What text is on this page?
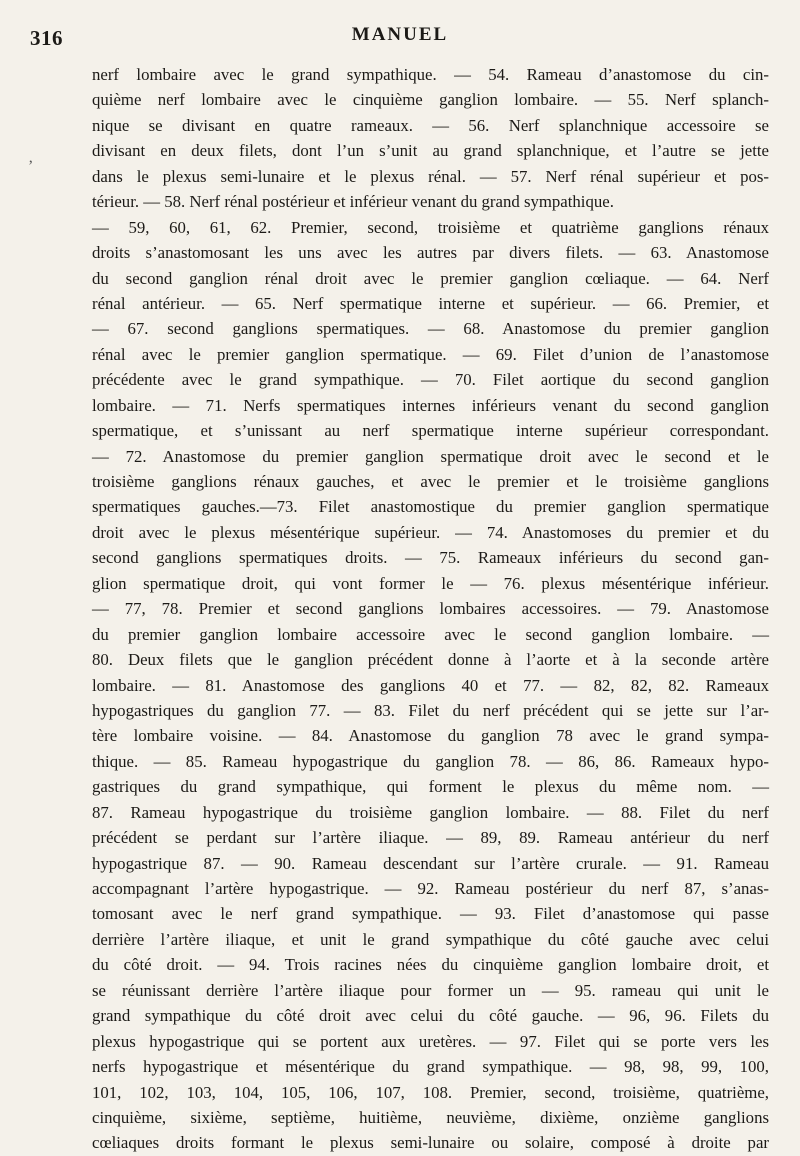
316	MANUEL
’
nerf lombaire avec le grand sympathique. — 54. Rameau d’anastomose du cin-
quième nerf lombaire avec le cinquième ganglion lombaire. — 55. Nerf splanch-
nique se divisant en quatre rameaux. — 56. Nerf splanchnique accessoire se
divisant en deux filets, dont l’un s’unit au grand splanchnique, et l’autre se jette
dans le plexus semi-lunaire et le plexus rénal. — 57. Nerf rénal supérieur et pos-
térieur. — 58. Nerf rénal postérieur et inférieur venant du grand sympathique.
— 59, 60, 61, 62. Premier, second, troisième et quatrième ganglions rénaux
droits s’anastomosant les uns avec les autres par divers filets. — 63. Anastomose
du second ganglion rénal droit avec le premier ganglion cœliaque. — 64. Nerf
rénal antérieur. — 65. Nerf spermatique interne et supérieur. — 66. Premier, et
— 67. second ganglions spermatiques. — 68. Anastomose du premier ganglion
rénal avec le premier ganglion spermatique. — 69. Filet d’union de l’anastomose
précédente avec le grand sympathique. — 70. Filet aortique du second ganglion
lombaire. — 71. Nerfs spermatiques internes inférieurs venant du second ganglion
spermatique, et s’unissant au nerf spermatique interne supérieur correspondant.
— 72. Anastomose du premier ganglion spermatique droit avec le second et le
troisième ganglions rénaux gauches, et avec le premier et le troisième ganglions
spermatiques gauches.—73. Filet anastomostique du premier ganglion spermatique
droit avec le plexus mésentérique supérieur. — 74. Anastomoses du premier et du
second ganglions spermatiques droits. — 75. Rameaux inférieurs du second gan-
glion spermatique droit, qui vont former le — 76. plexus mésentérique inférieur.
— 77, 78. Premier et second ganglions lombaires accessoires. — 79. Anastomose
du premier ganglion lombaire accessoire avec le second ganglion lombaire. —
80. Deux filets que le ganglion précédent donne à l’aorte et à la seconde artère
lombaire. — 81. Anastomose des ganglions 40 et 77. — 82, 82, 82. Rameaux
hypogastriques du ganglion 77. — 83. Filet du nerf précédent qui se jette sur l’ar-
tère lombaire voisine. — 84. Anastomose du ganglion 78 avec le grand sympa-
thique. — 85. Rameau hypogastrique du ganglion 78. — 86, 86. Rameaux hypo-
gastriques du grand sympathique, qui forment le plexus du même nom. —
87. Rameau hypogastrique du troisième ganglion lombaire. — 88. Filet du nerf
précédent se perdant sur l’artère iliaque. — 89, 89. Rameau antérieur du nerf
hypogastrique 87. — 90. Rameau descendant sur l’artère crurale. — 91. Rameau
accompagnant l’artère hypogastrique. — 92. Rameau postérieur du nerf 87, s’anas-
tomosant avec le nerf grand sympathique. — 93. Filet d’anastomose qui passe
derrière l’artère iliaque, et unit le grand sympathique du côté gauche avec celui
du côté droit. — 94. Trois racines nées du cinquième ganglion lombaire droit, et
se réunissant derrière l’artère iliaque pour former un — 95. rameau qui unit le
grand sympathique du côté droit avec celui du côté gauche. — 96, 96. Filets du
plexus hypogastrique qui se portent aux uretères. — 97. Filet qui se porte vers les
nerfs hypogastrique et mésentérique du grand sympathique. — 98, 98, 99, 100,
101, 102, 103, 104, 105, 106, 107, 108. Premier, second, troisième, quatrième,
cinquième, sixième, septième, huitième, neuvième, dixième, onzième ganglions
cœliaques droits formant le plexus semi-lunaire ou solaire, composé à droite par
